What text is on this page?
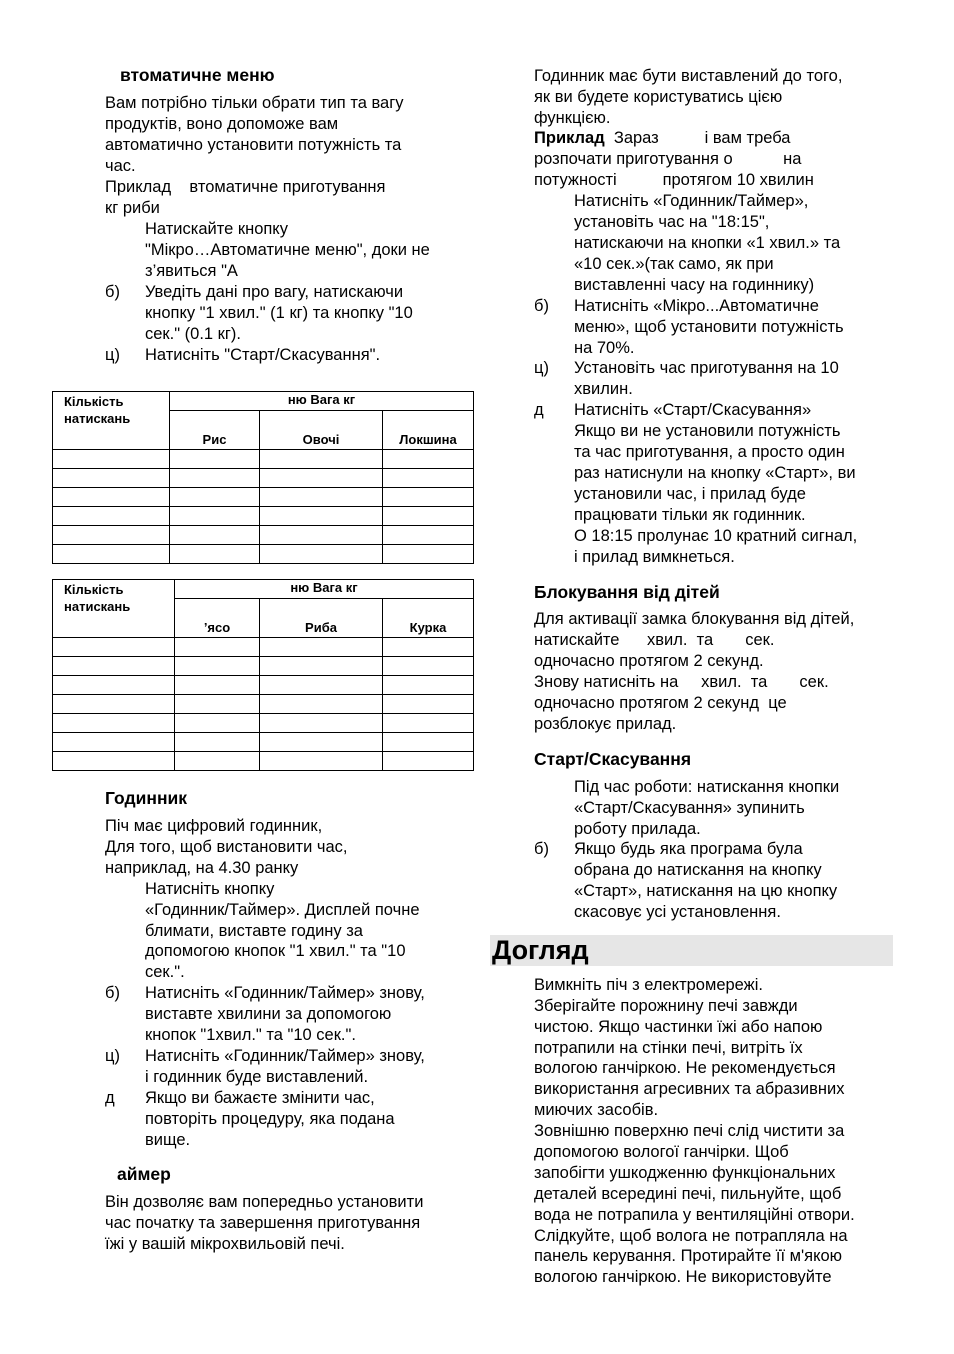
втоматичне меню
Вам потрібно тільки обрати тип та вагу
продуктів, воно допоможе вам
автоматично установити потужність та
час.
Приклад    втоматичне приготування
кг риби
Натискайте кнопку
"Мікро…Автоматичне меню", доки не
з’явиться "А
б) Уведіть дані про вагу, натискаючи
кнопку "1 хвил." (1 кг) та кнопку "10
сек." (0.1 кг).
ц) Натисніть "Старт/Скасування".
Кількість
натискань	ню Вага кг		
	Рис	Овочі	Локшина

Кількість
натискань	ню Вага кг		
	’ясо	Риба	Курка

Годинник
Піч має цифровий годинник,
Для того, щоб вистановити час,
наприклад, на 4.30 ранку
Натисніть кнопку
«Годинник/Таймер». Дисплей почне
блимати, виставте годину за
допомогою кнопок "1 хвил." та "10
сек.".
б) Натисніть «Годинник/Таймер» знову,
виставте хвилини за допомогою
кнопок "1хвил." та "10 сек.".
ц) Натисніть «Годинник/Таймер» знову,
і годинник буде виставлений.
д Якщо ви бажаєте змінити час,
повторіть процедуру, яка подана
вище.
аймер
Він дозволяє вам попередньо установити
час початку та завершення приготування
їжі у вашій мікрохвильовій печі.
Годинник має бути виставлений до того,
як ви будете користуватись цією
функцією.
Приклад  Зараз          і вам треба
розпочати приготування о           на
потужності          протягом 10 хвилин
Натисніть «Годинник/Таймер»,
установіть час на "18:15",
натискаючи на кнопки «1 хвил.» та
«10 сек.»(так само, як при
виставленні часу на годиннику)
б) Натисніть «Мікро...Автоматичне
меню», щоб установити потужність
на 70%.
ц) Установіть час приготування на 10
хвилин.
д Натисніть «Старт/Скасування»
Якщо ви не установили потужність
та час приготування, а просто один
раз натиснули на кнопку «Старт», ви
установили час, і прилад буде
працювати тільки як годинник.
О 18:15 пролунає 10 кратний сигнал,
і прилад вимкнеться.
Блокування від дітей
Для активації замка блокування від дітей,
натискайте      хвил.  та       сек.
одночасно протягом 2 секунд.
Знову натисніть на     хвил.  та       сек.
одночасно протягом 2 секунд  це
розблокує прилад.
Старт/Скасування
Під час роботи: натискання кнопки
«Старт/Скасування» зупинить
роботу прилада.
б) Якщо будь яка програма була
обрана до натискання на кнопку
«Старт», натискання на цю кнопку
скасовує усі установлення.
Догляд
Вимкніть піч з електромережі.
Зберігайте порожнину печі завжди
чистою. Якщо частинки їжі або напою
потрапили на стінки печі, витріть їх
вологою ганчіркою. Не рекомендується
використання агресивних та абразивних
миючих засобів.
Зовнішню поверхню печі слід чистити за
допомогою вологої ганчірки. Щоб
запобігти ушкодженню функціональних
деталей всередині печі, пильнуйте, щоб
вода не потрапила у вентиляційні отвори.
Слідкуйте, щоб волога не потрапляла на
панель керування. Протирайте її м'якою
вологою ганчіркою. Не використовуйте
